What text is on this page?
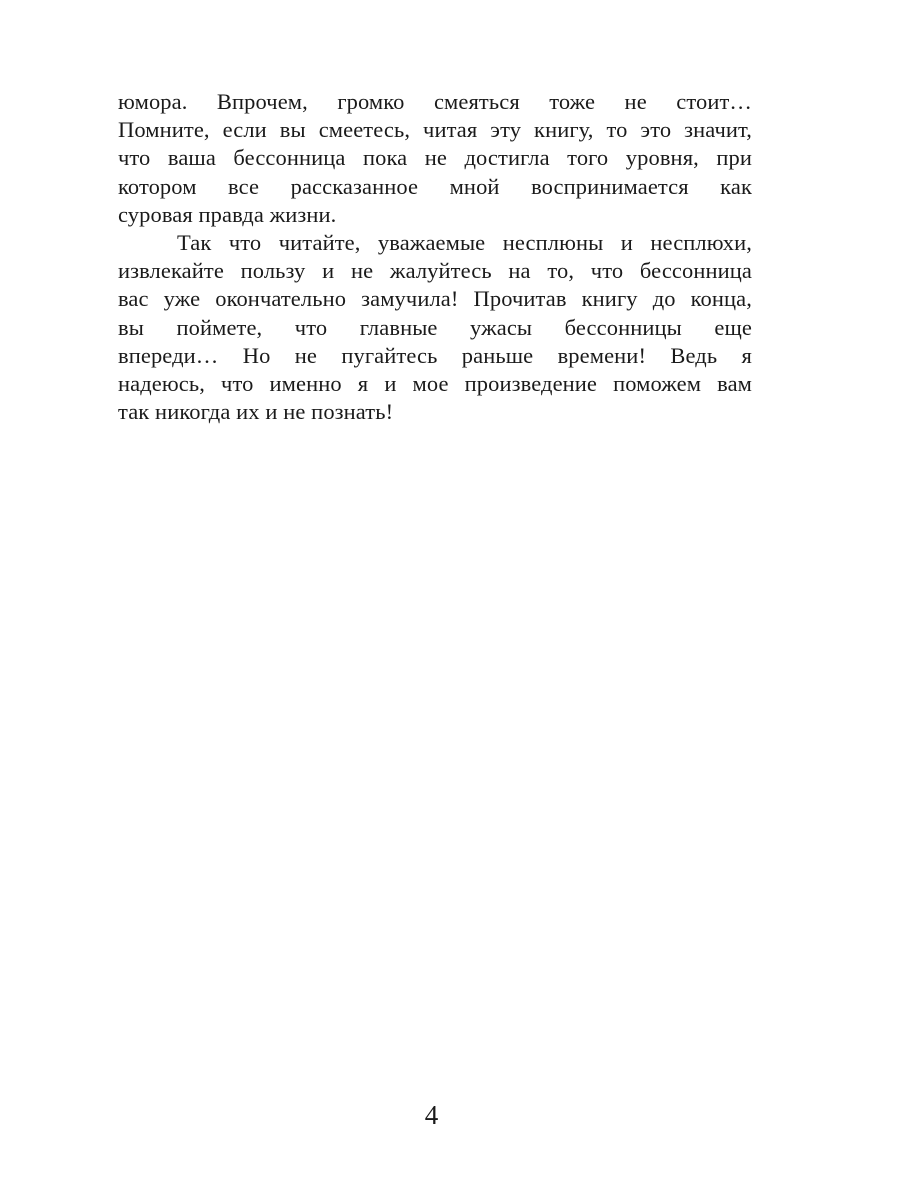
юмора. Впрочем, громко смеяться тоже не стоит…
Помните, если вы смеетесь, читая эту книгу, то это значит,
что ваша бессонница пока не достигла того уровня, при
котором все рассказанное мной воспринимается как
суровая правда жизни.
Так что читайте, уважаемые несплюны и несплюхи,
извлекайте пользу и не жалуйтесь на то, что бессонница
вас уже окончательно замучила! Прочитав книгу до конца,
вы поймете, что главные ужасы бессонницы еще
впереди… Но не пугайтесь раньше времени! Ведь я
надеюсь, что именно я и мое произведение поможем вам
так никогда их и не познать!
4
